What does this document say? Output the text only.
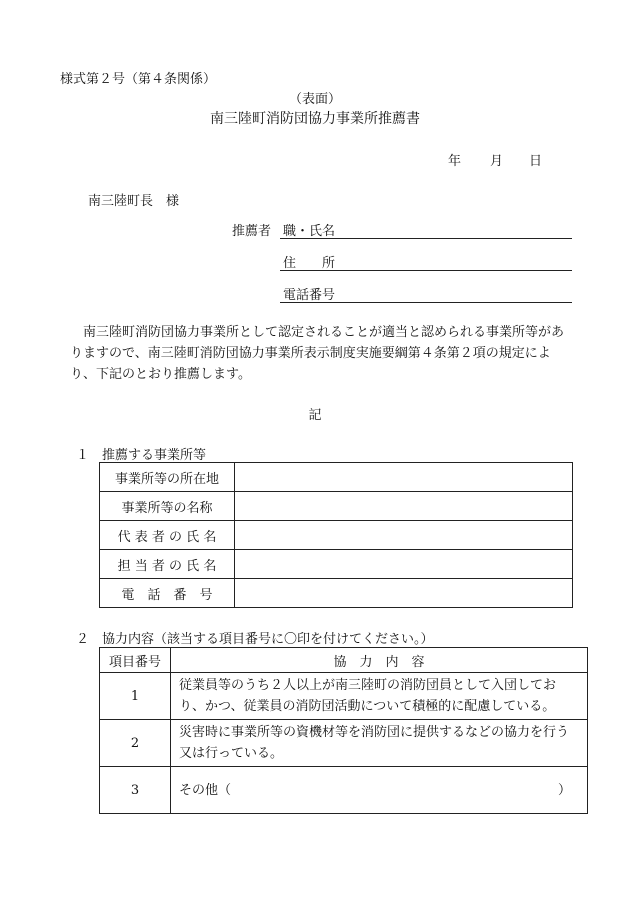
様式第２号（第４条関係）
（表面）
南三陸町消防団協力事業所推薦書
年 月 日
南三陸町長　様
推薦者 職・氏名
住　　所
電話番号
　南三陸町消防団協力事業所として認定されることが適当と認められる事業所等がありますので、南三陸町消防団協力事業所表示制度実施要綱第４条第２項の規定により、下記のとおり推薦します。
記
１　推薦する事業所等
事業所等の所在地	
事業所等の名称	
代 表 者 の 氏 名	
担 当 者 の 氏 名	
電　話　番　号	
２　協力内容（該当する項目番号に〇印を付けてください。）
項目番号	協　力　内　容
1	従業員等のうち２人以上が南三陸町の消防団員として入団しており、かつ、従業員の消防団活動について積極的に配慮している。
2	災害時に事業所等の資機材等を消防団に提供するなどの協力を行う又は行っている。
3	その他（ ）
